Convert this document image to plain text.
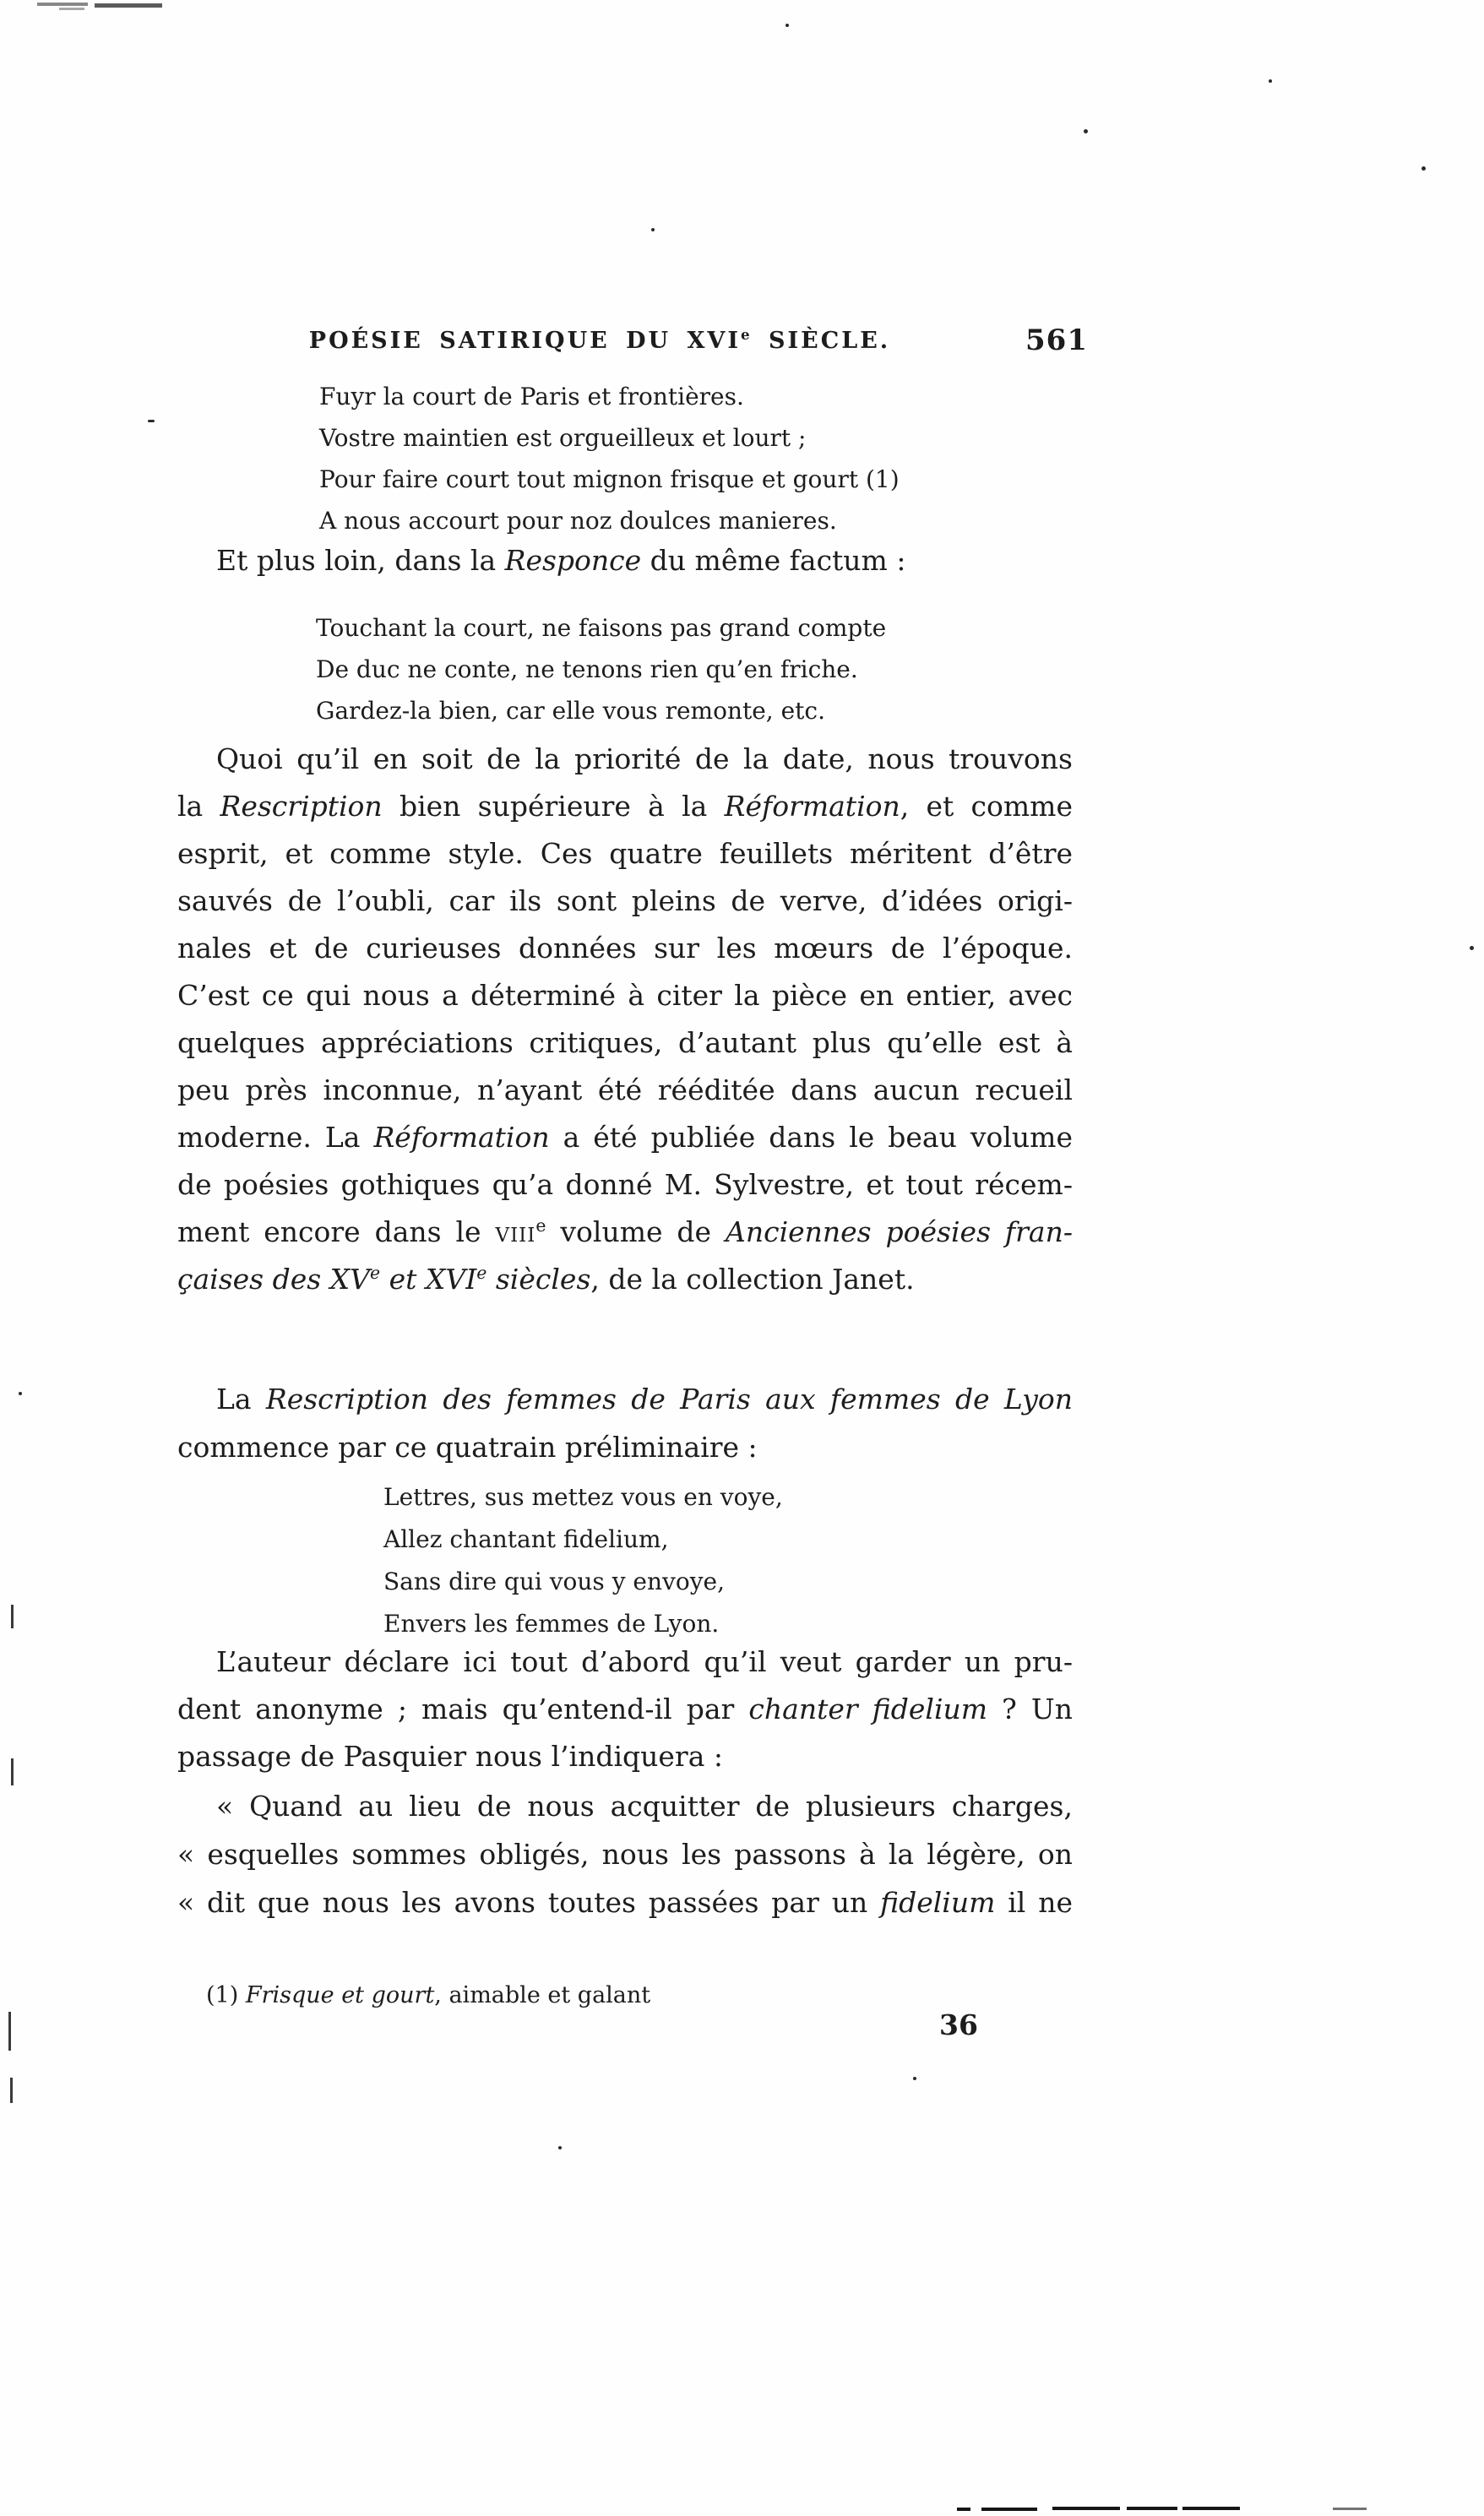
POÉSIE SATIRIQUE DU XVIe SIÈCLE.	561
Fuyr la court de Paris et frontières.
Vostre maintien est orgueilleux et lourt ;
Pour faire court tout mignon frisque et gourt (1)
A nous accourt pour noz doulces manieres.
Et plus loin, dans la Responce du même factum :
Touchant la court, ne faisons pas grand compte
De duc ne conte, ne tenons rien qu’en friche.
Gardez-la bien, car elle vous remonte, etc.
Quoi qu’il en soit de la priorité de la date, nous trouvons
la Rescription bien supérieure à la Réformation, et comme
esprit, et comme style. Ces quatre feuillets méritent d’être
sauvés de l’oubli, car ils sont pleins de verve, d’idées origi-
nales et de curieuses données sur les mœurs de l’époque.
C’est ce qui nous a déterminé à citer la pièce en entier, avec
quelques appréciations critiques, d’autant plus qu’elle est à
peu près inconnue, n’ayant été rééditée dans aucun recueil
moderne. La Réformation a été publiée dans le beau volume
de poésies gothiques qu’a donné M. Sylvestre, et tout récem-
ment encore dans le viii$^e$ volume de Anciennes poésies fran-
çaises des XVe et XVIe siècles, de la collection Janet.
La Rescription des femmes de Paris aux femmes de Lyon
commence par ce quatrain préliminaire :
Lettres, sus mettez vous en voye,
Allez chantant fidelium,
Sans dire qui vous y envoye,
Envers les femmes de Lyon.
L’auteur déclare ici tout d’abord qu’il veut garder un pru-
dent anonyme ; mais qu’entend-il par chanter fidelium ? Un
passage de Pasquier nous l’indiquera :
« Quand au lieu de nous acquitter de plusieurs charges,
« esquelles sommes obligés, nous les passons à la légère, on
« dit que nous les avons toutes passées par un fidelium il ne
(1) Frisque et gourt, aimable et galant
36
